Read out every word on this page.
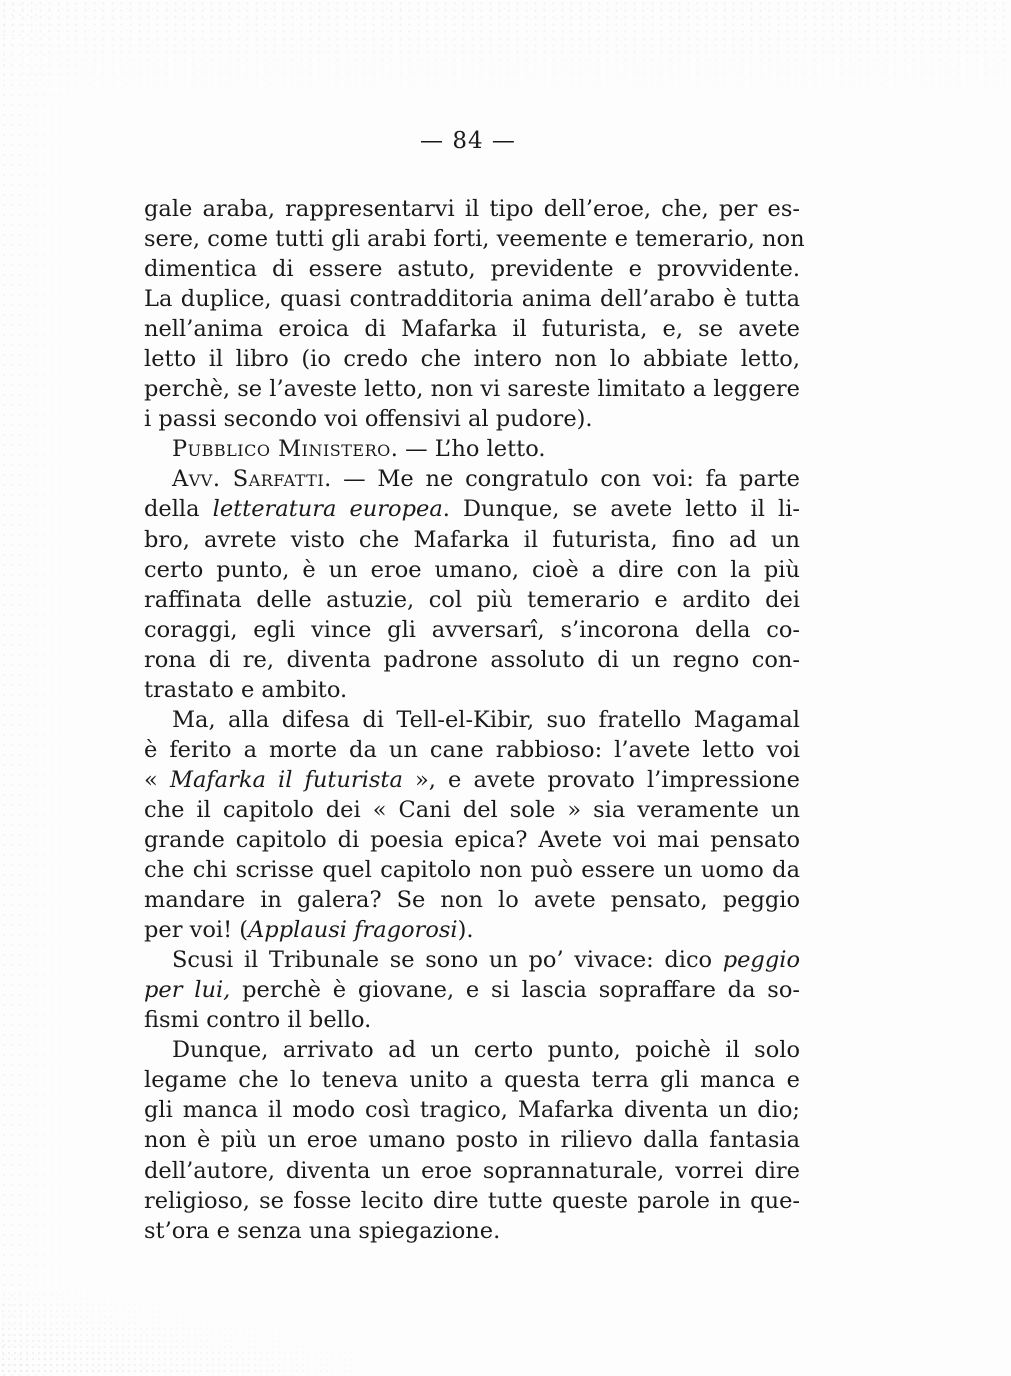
— 84 —
gale araba, rappresentarvi il tipo dell’eroe, che, per es-
sere, come tutti gli arabi forti, veemente e temerario, non
dimentica di essere astuto, previdente e provvidente.
La duplice, quasi contradditoria anima dell’arabo è tutta
nell’anima eroica di Mafarka il futurista, e, se avete
letto il libro (io credo che intero non lo abbiate letto,
perchè, se l’aveste letto, non vi sareste limitato a leggere
i passi secondo voi offensivi al pudore).
Pubblico Ministero. — L’ho letto.
Avv. Sarfatti. — Me ne congratulo con voi: fa parte
della letteratura europea. Dunque, se avete letto il li-
bro, avrete visto che Mafarka il futurista, fino ad un
certo punto, è un eroe umano, cioè a dire con la più
raffinata delle astuzie, col più temerario e ardito dei
coraggi, egli vince gli avversarî, s’incorona della co-
rona di re, diventa padrone assoluto di un regno con-
trastato e ambito.
Ma, alla difesa di Tell-el-Kibir, suo fratello Magamal
è ferito a morte da un cane rabbioso: l’avete letto voi
« Mafarka il futurista », e avete provato l’impressione
che il capitolo dei « Cani del sole » sia veramente un
grande capitolo di poesia epica? Avete voi mai pensato
che chi scrisse quel capitolo non può essere un uomo da
mandare in galera? Se non lo avete pensato, peggio
per voi! (Applausi fragorosi).
Scusi il Tribunale se sono un po’ vivace: dico peggio
per lui, perchè è giovane, e si lascia sopraffare da so-
fismi contro il bello.
Dunque, arrivato ad un certo punto, poichè il solo
legame che lo teneva unito a questa terra gli manca e
gli manca il modo così tragico, Mafarka diventa un dio;
non è più un eroe umano posto in rilievo dalla fantasia
dell’autore, diventa un eroe soprannaturale, vorrei dire
religioso, se fosse lecito dire tutte queste parole in que-
st’ora e senza una spiegazione.
